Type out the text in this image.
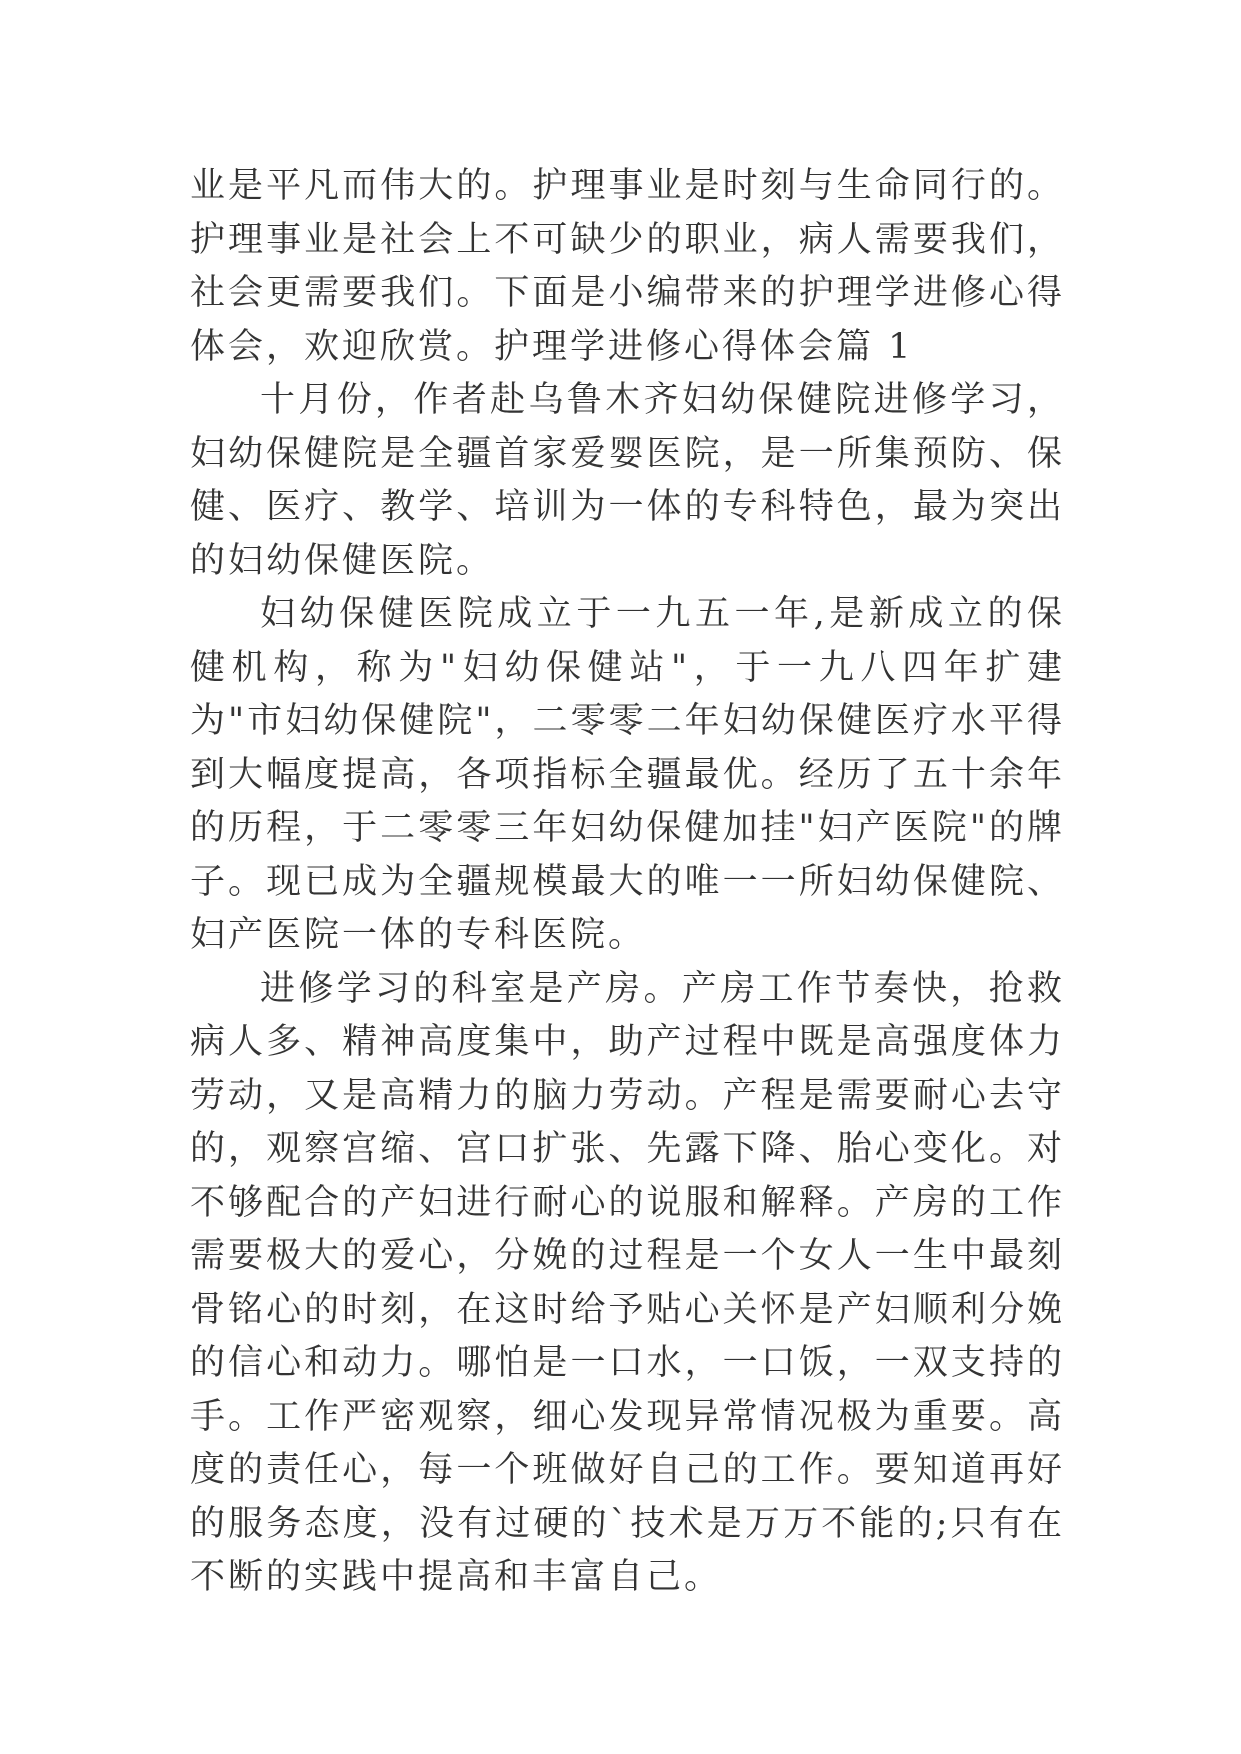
业是平凡而伟大的。护理事业是时刻与生命同行的。护理事业是社会上不可缺少的职业，病人需要我们，社会更需要我们。下面是小编带来的护理学进修心得体会，欢迎欣赏。护理学进修心得体会篇 1

十月份，作者赴乌鲁木齐妇幼保健院进修学习，妇幼保健院是全疆首家爱婴医院，是一所集预防、保健、医疗、教学、培训为一体的专科特色，最为突出的妇幼保健医院。

妇幼保健医院成立于一九五一年,是新成立的保健机构，称为"妇幼保健站"，于一九八四年扩建为"市妇幼保健院"，二零零二年妇幼保健医疗水平得到大幅度提高，各项指标全疆最优。经历了五十余年的历程，于二零零三年妇幼保健加挂"妇产医院"的牌子。现已成为全疆规模最大的唯一一所妇幼保健院、妇产医院一体的专科医院。

进修学习的科室是产房。产房工作节奏快，抢救病人多、精神高度集中，助产过程中既是高强度体力劳动，又是高精力的脑力劳动。产程是需要耐心去守的，观察宫缩、宫口扩张、先露下降、胎心变化。对不够配合的产妇进行耐心的说服和解释。产房的工作需要极大的爱心，分娩的过程是一个女人一生中最刻骨铭心的时刻，在这时给予贴心关怀是产妇顺利分娩的信心和动力。哪怕是一口水，一口饭，一双支持的手。工作严密观察，细心发现异常情况极为重要。高度的责任心，每一个班做好自己的工作。要知道再好的服务态度，没有过硬的`技术是万万不能的;只有在不断的实践中提高和丰富自己。
